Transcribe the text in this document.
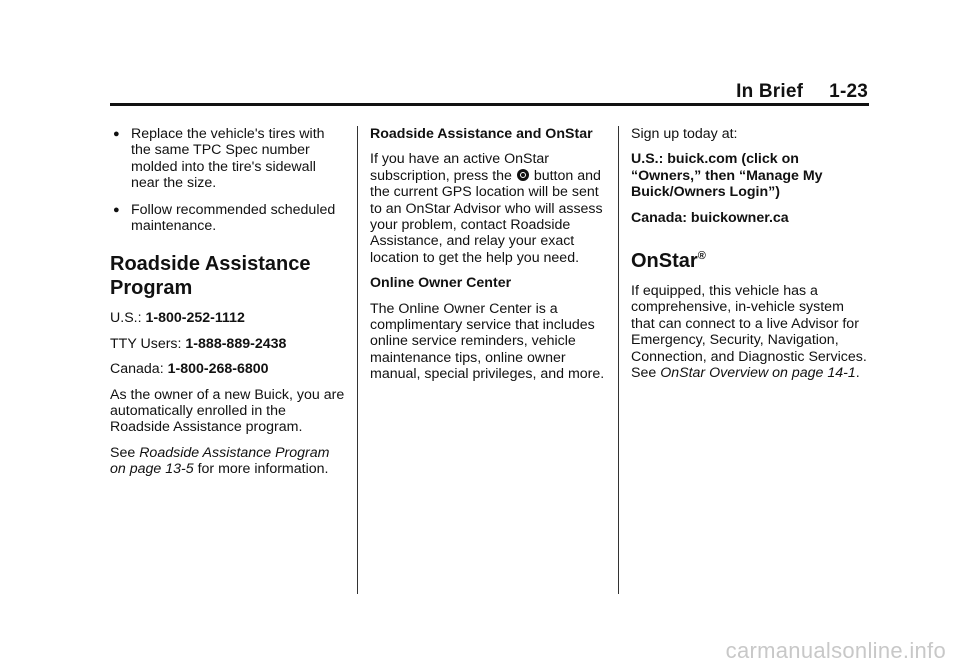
In Brief 1-23
● Replace the vehicle's tires with the same TPC Spec number molded into the tire's sidewall near the size.
● Follow recommended scheduled maintenance.
Roadside Assistance Program

U.S.: 1-800-252-1112

TTY Users: 1-888-889-2438

Canada: 1-800-268-6800

As the owner of a new Buick, you are automatically enrolled in the Roadside Assistance program.

See Roadside Assistance Program on page 13-5 for more information.

Roadside Assistance and OnStar

If you have an active OnStar subscription, press the  button and the current GPS location will be sent to an OnStar Advisor who will assess your problem, contact Roadside Assistance, and relay your exact location to get the help you need.

Online Owner Center

The Online Owner Center is a complimentary service that includes online service reminders, vehicle maintenance tips, online owner manual, special privileges, and more.

Sign up today at:

U.S.: buick.com (click on “Owners,” then “Manage My Buick/Owners Login”)

Canada: buickowner.ca

OnStar®

If equipped, this vehicle has a comprehensive, in-vehicle system that can connect to a live Advisor for Emergency, Security, Navigation, Connection, and Diagnostic Services. See OnStar Overview on page 14-1.

carmanualsonline.info
